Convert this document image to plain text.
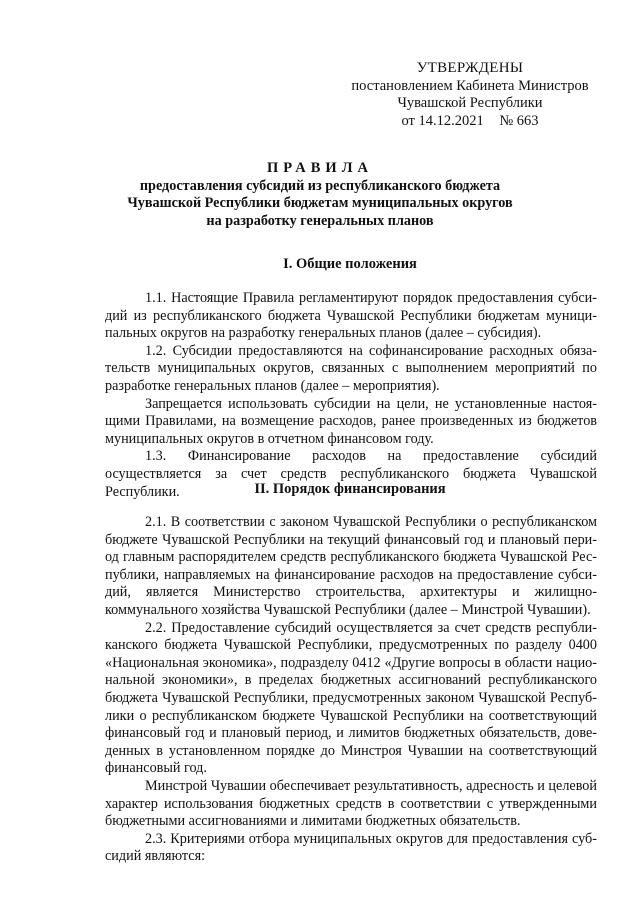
УТВЕРЖДЕНЫ
постановлением Кабинета Министров
Чувашской Республики
от 14.12.2021 № 663
ПРАВИЛА
предоставления субсидий из республиканского бюджета
Чувашской Республики бюджетам муниципальных округов
на разработку генеральных планов
I. Общие положения

1.1. Настоящие Правила регламентируют порядок предоставления субсидий из республиканского бюджета Чувашской Республики бюджетам муниципальных округов на разработку генеральных планов (далее – субсидия).

1.2. Субсидии предоставляются на софинансирование расходных обязательств муниципальных округов, связанных с выполнением мероприятий по разработке генеральных планов (далее – мероприятия).

Запрещается использовать субсидии на цели, не установленные настоящими Правилами, на возмещение расходов, ранее произведенных из бюджетов муниципальных округов в отчетном финансовом году.

1.3. Финансирование расходов на предоставление субсидий осуществляется за счет средств республиканского бюджета Чувашской Республики.	II. Порядок финансирования

2.1. В соответствии с законом Чувашской Республики о республиканском бюджете Чувашской Республики на текущий финансовый год и плановый период главным распорядителем средств республиканского бюджета Чувашской Республики, направляемых на финансирование расходов на предоставление субсидий, является Министерство строительства, архитектуры и жилищно-коммунального хозяйства Чувашской Республики (далее – Минстрой Чувашии).

2.2. Предоставление субсидий осуществляется за счет средств республиканского бюджета Чувашской Республики, предусмотренных по разделу 0400 «Национальная экономика», подразделу 0412 «Другие вопросы в области национальной экономики», в пределах бюджетных ассигнований республиканского бюджета Чувашской Республики, предусмотренных законом Чувашской Республики о республиканском бюджете Чувашской Республики на соответствующий финансовый год и плановый период, и лимитов бюджетных обязательств, доведенных в установленном порядке до Минстроя Чувашии на соответствующий финансовый год.

Минстрой Чувашии обеспечивает результативность, адресность и целевой характер использования бюджетных средств в соответствии с утвержденными бюджетными ассигнованиями и лимитами бюджетных обязательств.

2.3. Критериями отбора муниципальных округов для предоставления субсидий являются:
